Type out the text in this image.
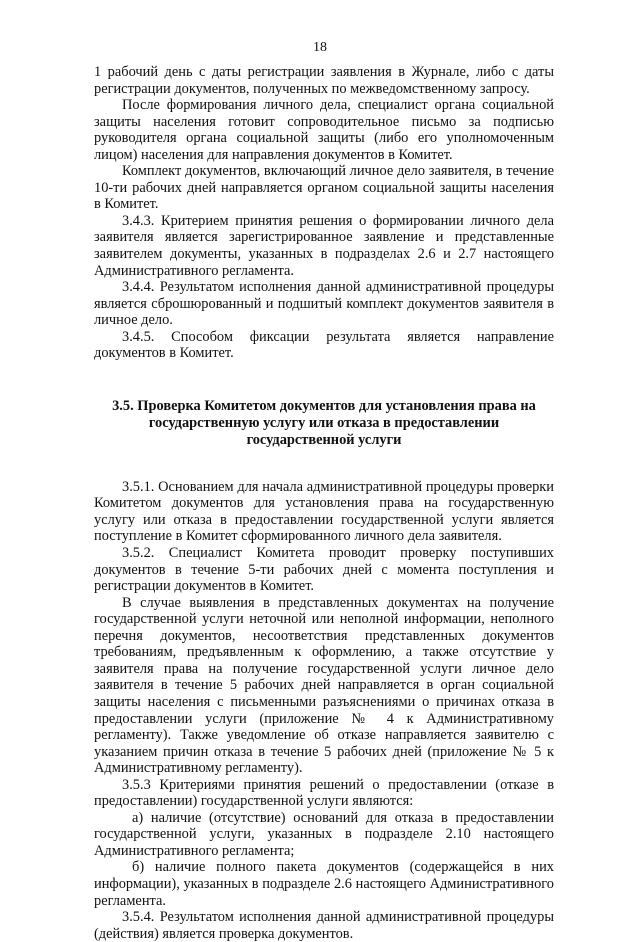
18

1 рабочий день с даты регистрации заявления в Журнале, либо с даты регистрации документов, полученных по межведомственному запросу.

После формирования личного дела, специалист органа социальной защиты населения готовит сопроводительное письмо за подписью руководителя органа социальной защиты (либо его уполномоченным лицом) населения для направления документов в Комитет.

Комплект документов, включающий личное дело заявителя, в течение 10-ти рабочих дней направляется органом социальной защиты населения в Комитет.

3.4.3. Критерием принятия решения о формировании личного дела заявителя является зарегистрированное заявление и представленные заявителем документы, указанных в подразделах 2.6 и 2.7 настоящего Административного регламента.

3.4.4. Результатом исполнения данной административной процедуры является сброшюрованный и подшитый комплект документов заявителя в личное дело.

3.4.5. Способом фиксации результата является направление документов в Комитет.

3.5. Проверка Комитетом документов для установления права на государственную услугу или отказа в предоставлении государственной услуги

3.5.1. Основанием для начала административной процедуры проверки Комитетом документов для установления права на государственную услугу или отказа в предоставлении государственной услуги является поступление в Комитет сформированного личного дела заявителя.

3.5.2. Специалист Комитета проводит проверку поступивших документов в течение 5-ти рабочих дней с момента поступления и регистрации документов в Комитет.

В случае выявления в представленных документах на получение государственной услуги неточной или неполной информации, неполного перечня документов, несоответствия представленных документов требованиям, предъявленным к оформлению, а также отсутствие у заявителя права на получение государственной услуги личное дело заявителя в течение 5 рабочих дней направляется в орган социальной защиты населения с письменными разъяснениями о причинах отказа в предоставлении услуги (приложение № 4 к Административному регламенту). Также уведомление об отказе направляется заявителю с указанием причин отказа в течение 5 рабочих дней (приложение № 5 к Административному регламенту).

3.5.3 Критериями принятия решений о предоставлении (отказе в предоставлении) государственной услуги являются:

а) наличие (отсутствие) оснований для отказа в предоставлении государственной услуги, указанных в подразделе 2.10 настоящего Административного регламента;

б) наличие полного пакета документов (содержащейся в них информации), указанных в подразделе 2.6 настоящего Административного регламента.

3.5.4. Результатом исполнения данной административной процедуры (действия) является проверка документов.
